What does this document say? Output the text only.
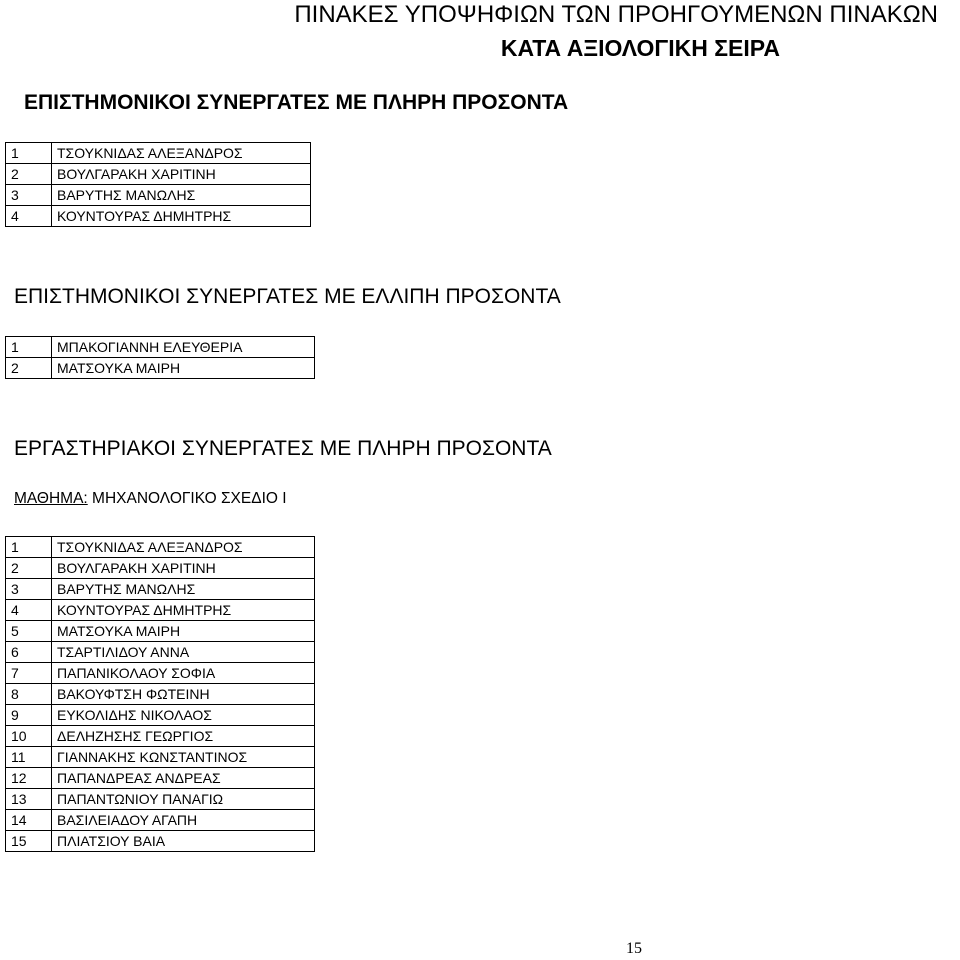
ΠΙΝΑΚΕΣ ΥΠΟΨΗΦΙΩΝ ΤΩΝ ΠΡΟΗΓΟΥΜΕΝΩΝ ΠΙΝΑΚΩΝ
ΚΑΤΑ ΑΞΙΟΛΟΓΙΚΗ ΣΕΙΡΑ
ΕΠΙΣΤΗΜΟΝΙΚΟΙ ΣΥΝΕΡΓΑΤΕΣ ΜΕ ΠΛΗΡΗ ΠΡΟΣΟΝΤΑ
1	ΤΣΟΥΚΝΙΔΑΣ ΑΛΕΞΑΝΔΡΟΣ
2	ΒΟΥΛΓΑΡΑΚΗ ΧΑΡΙΤΙΝΗ
3	ΒΑΡΥΤΗΣ ΜΑΝΩΛΗΣ
4	ΚΟΥΝΤΟΥΡΑΣ ΔΗΜΗΤΡΗΣ
ΕΠΙΣΤΗΜΟΝΙΚΟΙ ΣΥΝΕΡΓΑΤΕΣ ΜΕ ΕΛΛΙΠΗ ΠΡΟΣΟΝΤΑ
1	ΜΠΑΚΟΓΙΑΝΝΗ ΕΛΕΥΘΕΡΙΑ
2	ΜΑΤΣΟΥΚΑ ΜΑΙΡΗ
ΕΡΓΑΣΤΗΡΙΑΚΟΙ ΣΥΝΕΡΓΑΤΕΣ ΜΕ ΠΛΗΡΗ ΠΡΟΣΟΝΤΑ
ΜΑΘΗΜΑ: ΜΗΧΑΝΟΛΟΓΙΚΟ ΣΧΕΔΙΟ Ι
1	ΤΣΟΥΚΝΙΔΑΣ ΑΛΕΞΑΝΔΡΟΣ
2	ΒΟΥΛΓΑΡΑΚΗ ΧΑΡΙΤΙΝΗ
3	ΒΑΡΥΤΗΣ ΜΑΝΩΛΗΣ
4	ΚΟΥΝΤΟΥΡΑΣ ΔΗΜΗΤΡΗΣ
5	ΜΑΤΣΟΥΚΑ ΜΑΙΡΗ
6	ΤΣΑΡΤΙΛΙΔΟΥ ΑΝΝΑ
7	ΠΑΠΑΝΙΚΟΛΑΟΥ ΣΟΦΙΑ
8	ΒΑΚΟΥΦΤΣΗ ΦΩΤΕΙΝΗ
9	ΕΥΚΟΛΙΔΗΣ ΝΙΚΟΛΑΟΣ
10	ΔΕΛΗΖΗΣΗΣ ΓΕΩΡΓΙΟΣ
11	ΓΙΑΝΝΑΚΗΣ ΚΩΝΣΤΑΝΤΙΝΟΣ
12	ΠΑΠΑΝΔΡΕΑΣ ΑΝΔΡΕΑΣ
13	ΠΑΠΑΝΤΩΝΙΟΥ ΠΑΝΑΓΙΩ
14	ΒΑΣΙΛΕΙΑΔΟΥ ΑΓΑΠΗ
15	ΠΛΙΑΤΣΙΟΥ ΒΑΙΑ
15
